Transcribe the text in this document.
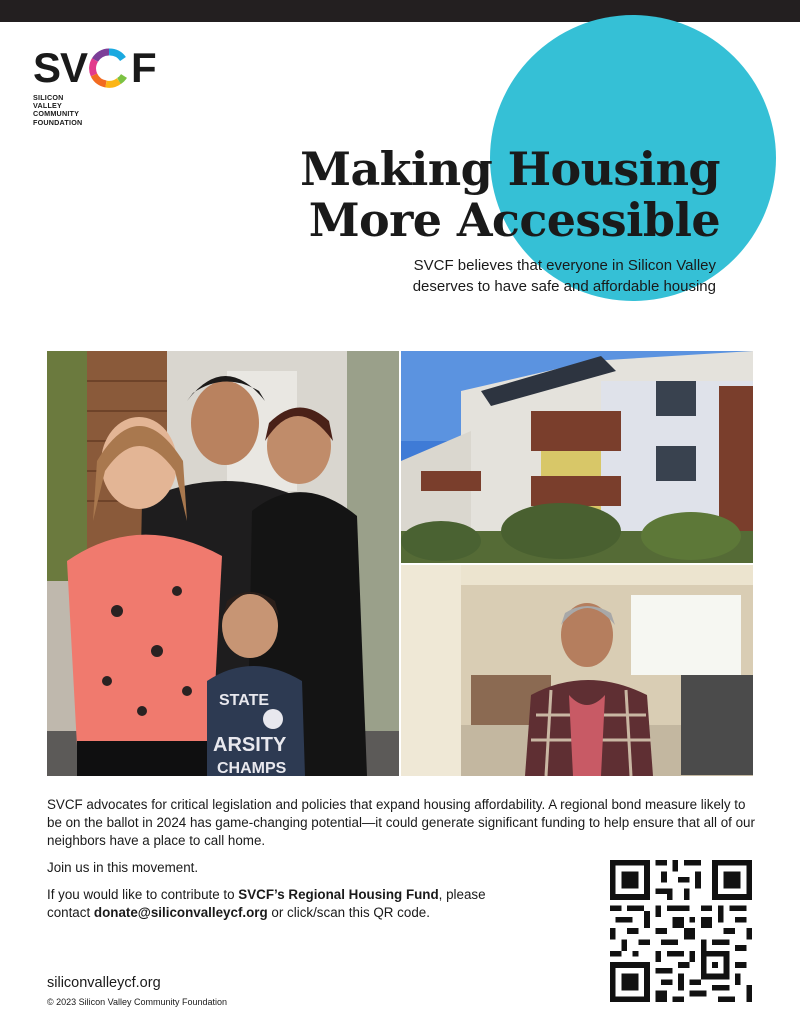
SV F
SILICON
VALLEY
COMMUNITY
FOUNDATION
Making Housing
More Accessible
SVCF believes that everyone in Silicon Valley
deserves to have safe and affordable housing
STATE
ARSITY
CHAMPS

SVCF advocates for critical legislation and policies that expand housing affordability. A regional bond measure likely to be on the ballot in 2024 has game-changing potential—it could generate significant funding to help ensure that all of our neighbors have a place to call home.

Join us in this movement.

If you would like to contribute to SVCF’s Regional Housing Fund, please contact donate@siliconvalleycf.org or click/scan this QR code.

siliconvalleycf.org
© 2023 Silicon Valley Community Foundation
